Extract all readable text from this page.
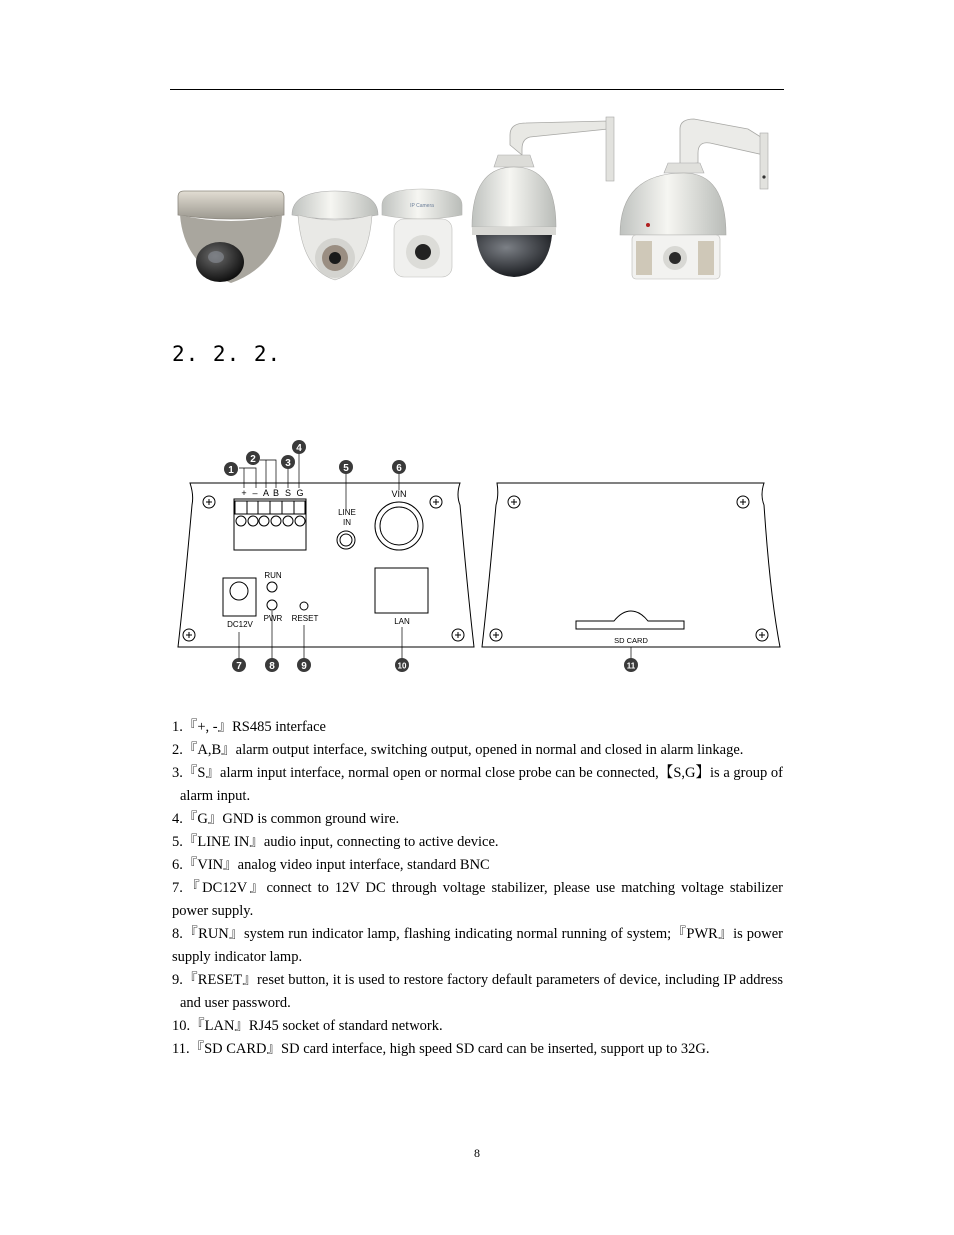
IP Camera
2. 2. 2.
+ – A B S G
LINE
IN
VIN
DC12V
RUN
PWR RESET	LAN
SD CARD
1
2	3
4
5	6
7	8	9	10	11
1.『+, -』RS485 interface
2.『A,B』alarm output interface, switching output, opened in normal and closed in alarm linkage.
3.『S』alarm input interface, normal open or normal close probe can be connected,【S,G】is a group of alarm input.
4.『G』GND is common ground wire.
5.『LINE IN』audio input, connecting to active device.
6.『VIN』analog video input interface, standard BNC
7.『DC12V』connect to 12V DC through voltage stabilizer, please use matching voltage stabilizer power supply.
8.『RUN』system run indicator lamp, flashing indicating normal running of system;『PWR』is power supply indicator lamp.
9.『RESET』reset button, it is used to restore factory default parameters of device, including IP address and user password.
10.『LAN』RJ45 socket of standard network.
11.『SD CARD』SD card interface, high speed SD card can be inserted, support up to 32G.
8
